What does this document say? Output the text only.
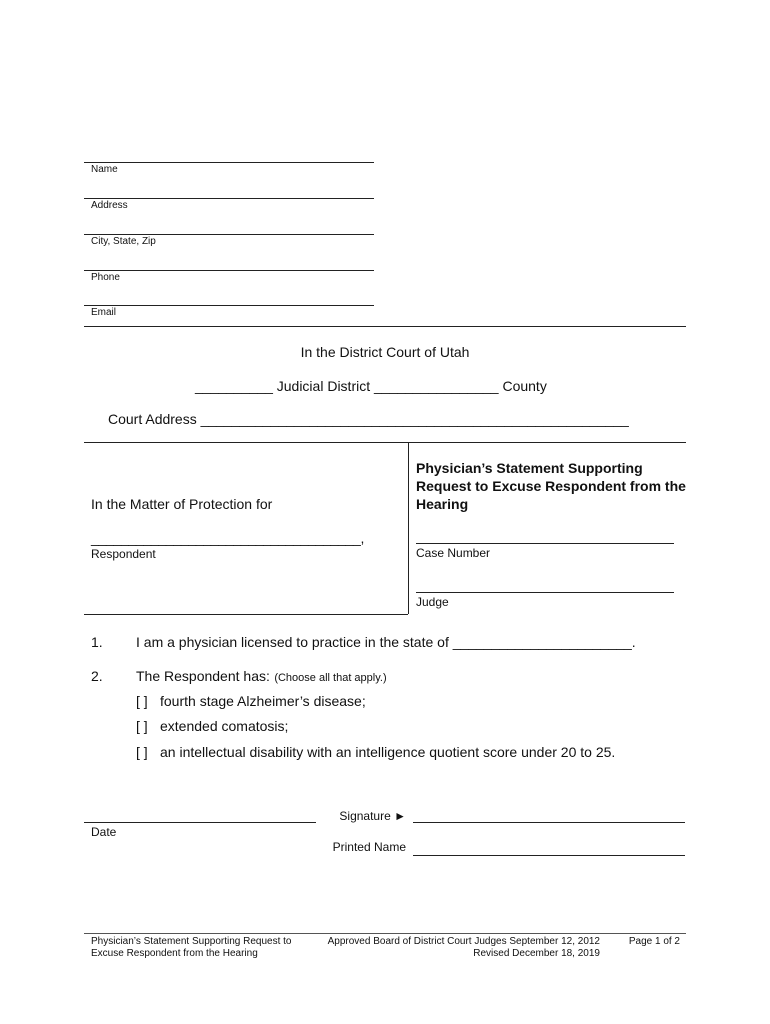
Name
Address
City, State, Zip
Phone
Email
In the District Court of Utah
__________ Judicial District ________________ County
Court Address _______________________________________________________
In the Matter of Protection for
____________________________________,
Respondent
Physician’s Statement Supporting Request to Excuse Respondent from the Hearing
Case Number
Judge
1. I am a physician licensed to practice in the state of _______________________.
2. The Respondent has: (Choose all that apply.)
[ ] fourth stage Alzheimer’s disease;
[ ] extended comatosis;
[ ] an intellectual disability with an intelligence quotient score under 20 to 25.
Date
Signature ►
Printed Name
Physician’s Statement Supporting Request to
Excuse Respondent from the Hearing
Approved Board of District Court Judges September 12, 2012
Revised December 18, 2019
Page 1 of 2
